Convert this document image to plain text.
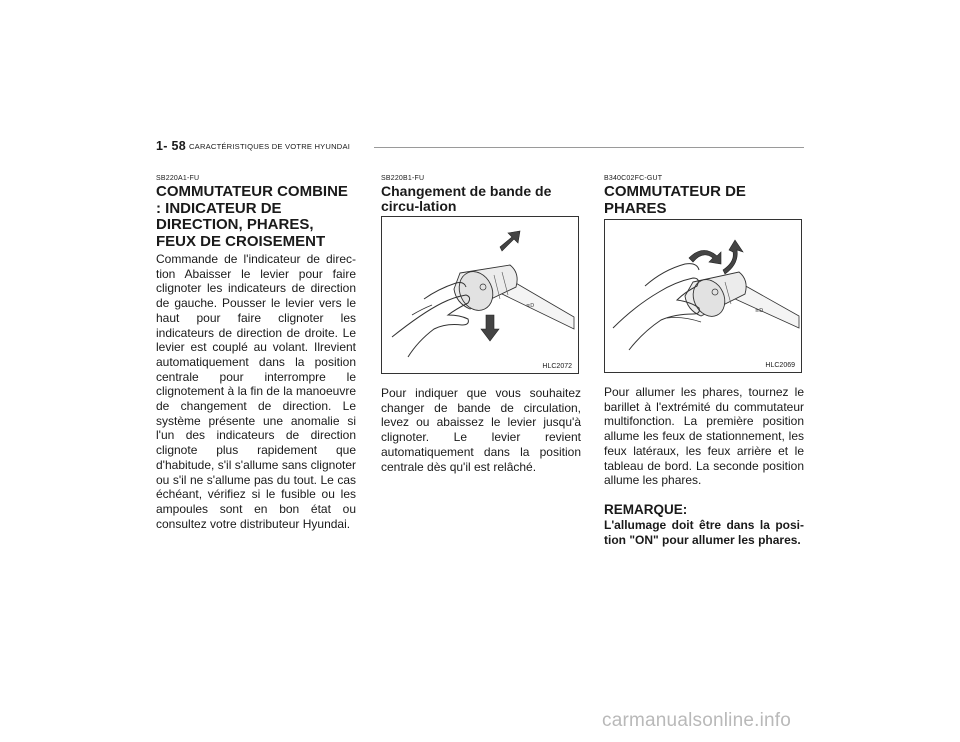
1- 58 CARACTÉRISTIQUES DE VOTRE HYUNDAI

SB220A1-FU

COMMUTATEUR COMBINE : INDICATEUR DE DIRECTION, PHARES, FEUX DE CROISEMENT

Commande de l'indicateur de direc-tion Abaisser le levier pour faire clignoter les indicateurs de direction de gauche. Pousser le levier vers le haut pour faire clignoter les indicateurs de direction de droite. Le levier est couplé au volant. Ilrevient automatiquement dans la position centrale pour interrompre le clignotement à la fin de la manoeuvre de changement de direction. Le système présente une anomalie si l'un des indicateurs de direction clignote plus rapidement que d'habitude, s'il s'allume sans clignoter ou s'il ne s'allume pas du tout. Le cas échéant, vérifiez si le fusible ou les ampoules sont en bon état ou consultez votre distributeur Hyundai.

SB220B1-FU

Changement de bande de circu-lation

≡D
HLC2072

Pour indiquer que vous souhaitez changer de bande de circulation, levez ou abaissez le levier jusqu'à clignoter. Le levier revient automatiquement dans la position centrale dès qu'il est relâché.

B340C02FC-GUT

COMMUTATEUR DE PHARES

≡D
HLC2069

Pour allumer les phares, tournez le barillet à l'extrémité du commutateur multifonction. La première position allume les feux de stationnement, les feux latéraux, les feux arrière et le tableau de bord. La seconde position allume les phares.

REMARQUE:

L'allumage doit être dans la posi-tion "ON" pour allumer les phares.

carmanualsonline.info
